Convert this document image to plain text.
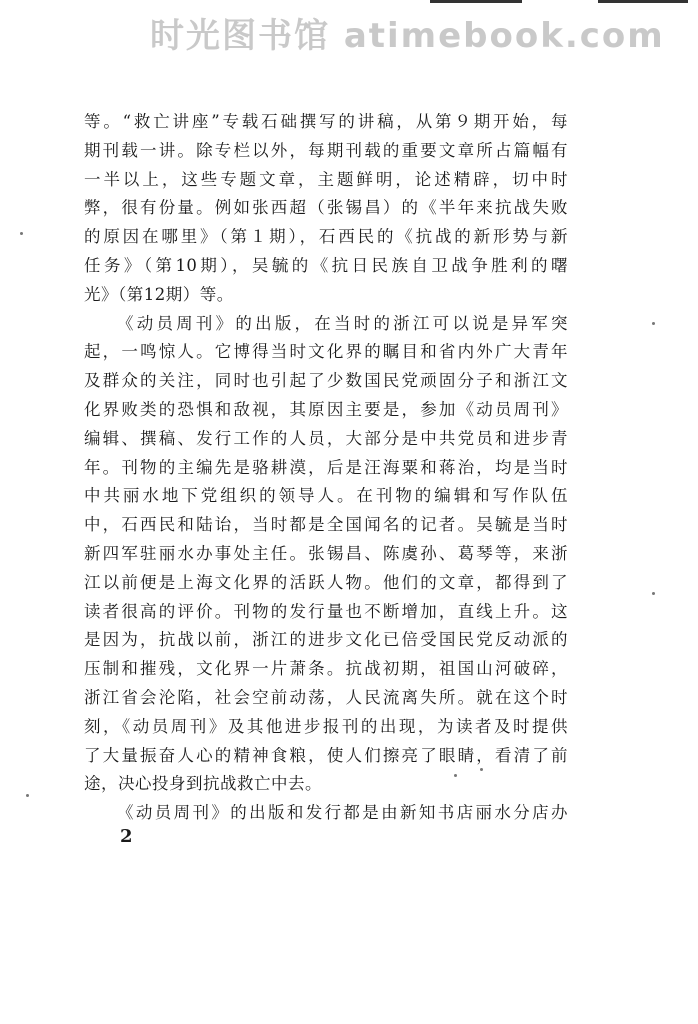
时光图书馆 atimebook.com
等。“救亡讲座”专载石础撰写的讲稿，从第９期开始，每
期刊载一讲。除专栏以外，每期刊载的重要文章所占篇幅有
一半以上，这些专题文章，主题鲜明，论述精辟，切中时
弊，很有份量。例如张西超（张锡昌）的《半年来抗战失败
的原因在哪里》（第１期），石西民的《抗战的新形势与新
任务》（第10期），吴毓的《抗日民族自卫战争胜利的曙
光》（第12期）等。
《动员周刊》的出版，在当时的浙江可以说是异军突
起，一鸣惊人。它博得当时文化界的瞩目和省内外广大青年
及群众的关注，同时也引起了少数国民党顽固分子和浙江文
化界败类的恐惧和敌视，其原因主要是，参加《动员周刊》
编辑、撰稿、发行工作的人员，大部分是中共党员和进步青
年。刊物的主编先是骆耕漠，后是汪海粟和蒋治，均是当时
中共丽水地下党组织的领导人。在刊物的编辑和写作队伍
中，石西民和陆诒，当时都是全国闻名的记者。吴毓是当时
新四军驻丽水办事处主任。张锡昌、陈虞孙、葛琴等，来浙
江以前便是上海文化界的活跃人物。他们的文章，都得到了
读者很高的评价。刊物的发行量也不断增加，直线上升。这
是因为，抗战以前，浙江的进步文化已倍受国民党反动派的
压制和摧残，文化界一片萧条。抗战初期，祖国山河破碎，
浙江省会沦陷，社会空前动荡，人民流离失所。就在这个时
刻，《动员周刊》及其他进步报刊的出现，为读者及时提供
了大量振奋人心的精神食粮，使人们擦亮了眼睛，看清了前
途，决心投身到抗战救亡中去。
《动员周刊》的出版和发行都是由新知书店丽水分店办
2
